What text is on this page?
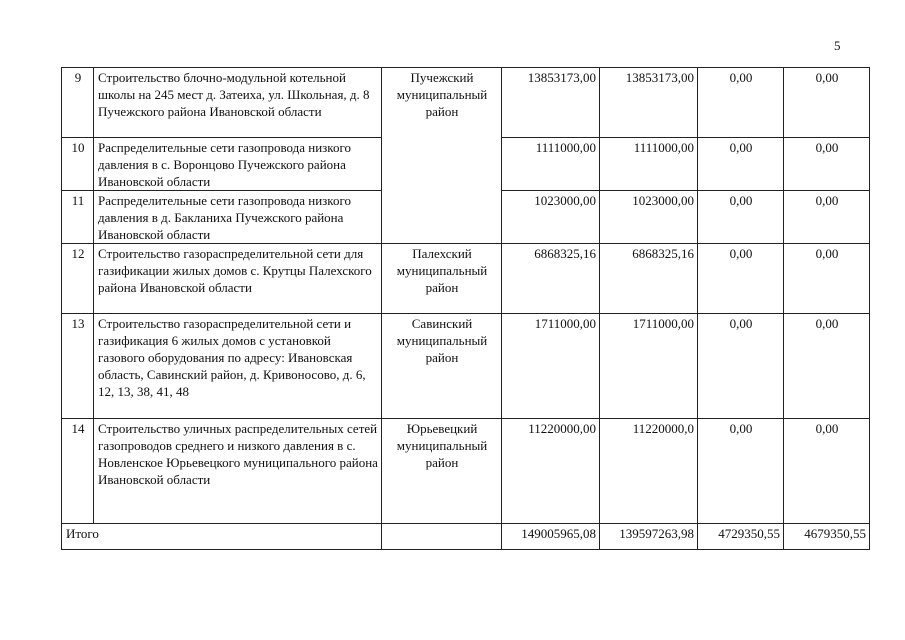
5
9	Строительство блочно-модульной котельной школы на 245 мест д. Затеиха, ул. Школьная, д. 8 Пучежского района Ивановской области	Пучежский муниципальный район	13853173,00	13853173,00	0,00	0,00
10	Распределительные сети газопровода низкого давления в с. Воронцово Пучежского района Ивановской области		1111000,00	1111000,00	0,00	0,00
11	Распределительные сети газопровода низкого давления в д. Бакланиха Пучежского района Ивановской области		1023000,00	1023000,00	0,00	0,00
12	Строительство газораспределительной сети для газификации жилых домов с. Крутцы Палехского района Ивановской области	Палехский муниципальный район	6868325,16	6868325,16	0,00	0,00
13	Строительство газораспределительной сети и газификация 6 жилых домов с установкой газового оборудования по адресу: Ивановская область, Савинский район, д. Кривоносово, д. 6, 12, 13, 38, 41, 48	Савинский муниципальный район	1711000,00	1711000,00	0,00	0,00
14	Строительство уличных распределительных сетей газопроводов среднего и низкого давления в с. Новленское Юрьевецкого муниципального района Ивановской области	Юрьевецкий муниципальный район	11220000,00	11220000,0	0,00	0,00
Итого			149005965,08	139597263,98	4729350,55	4679350,55
